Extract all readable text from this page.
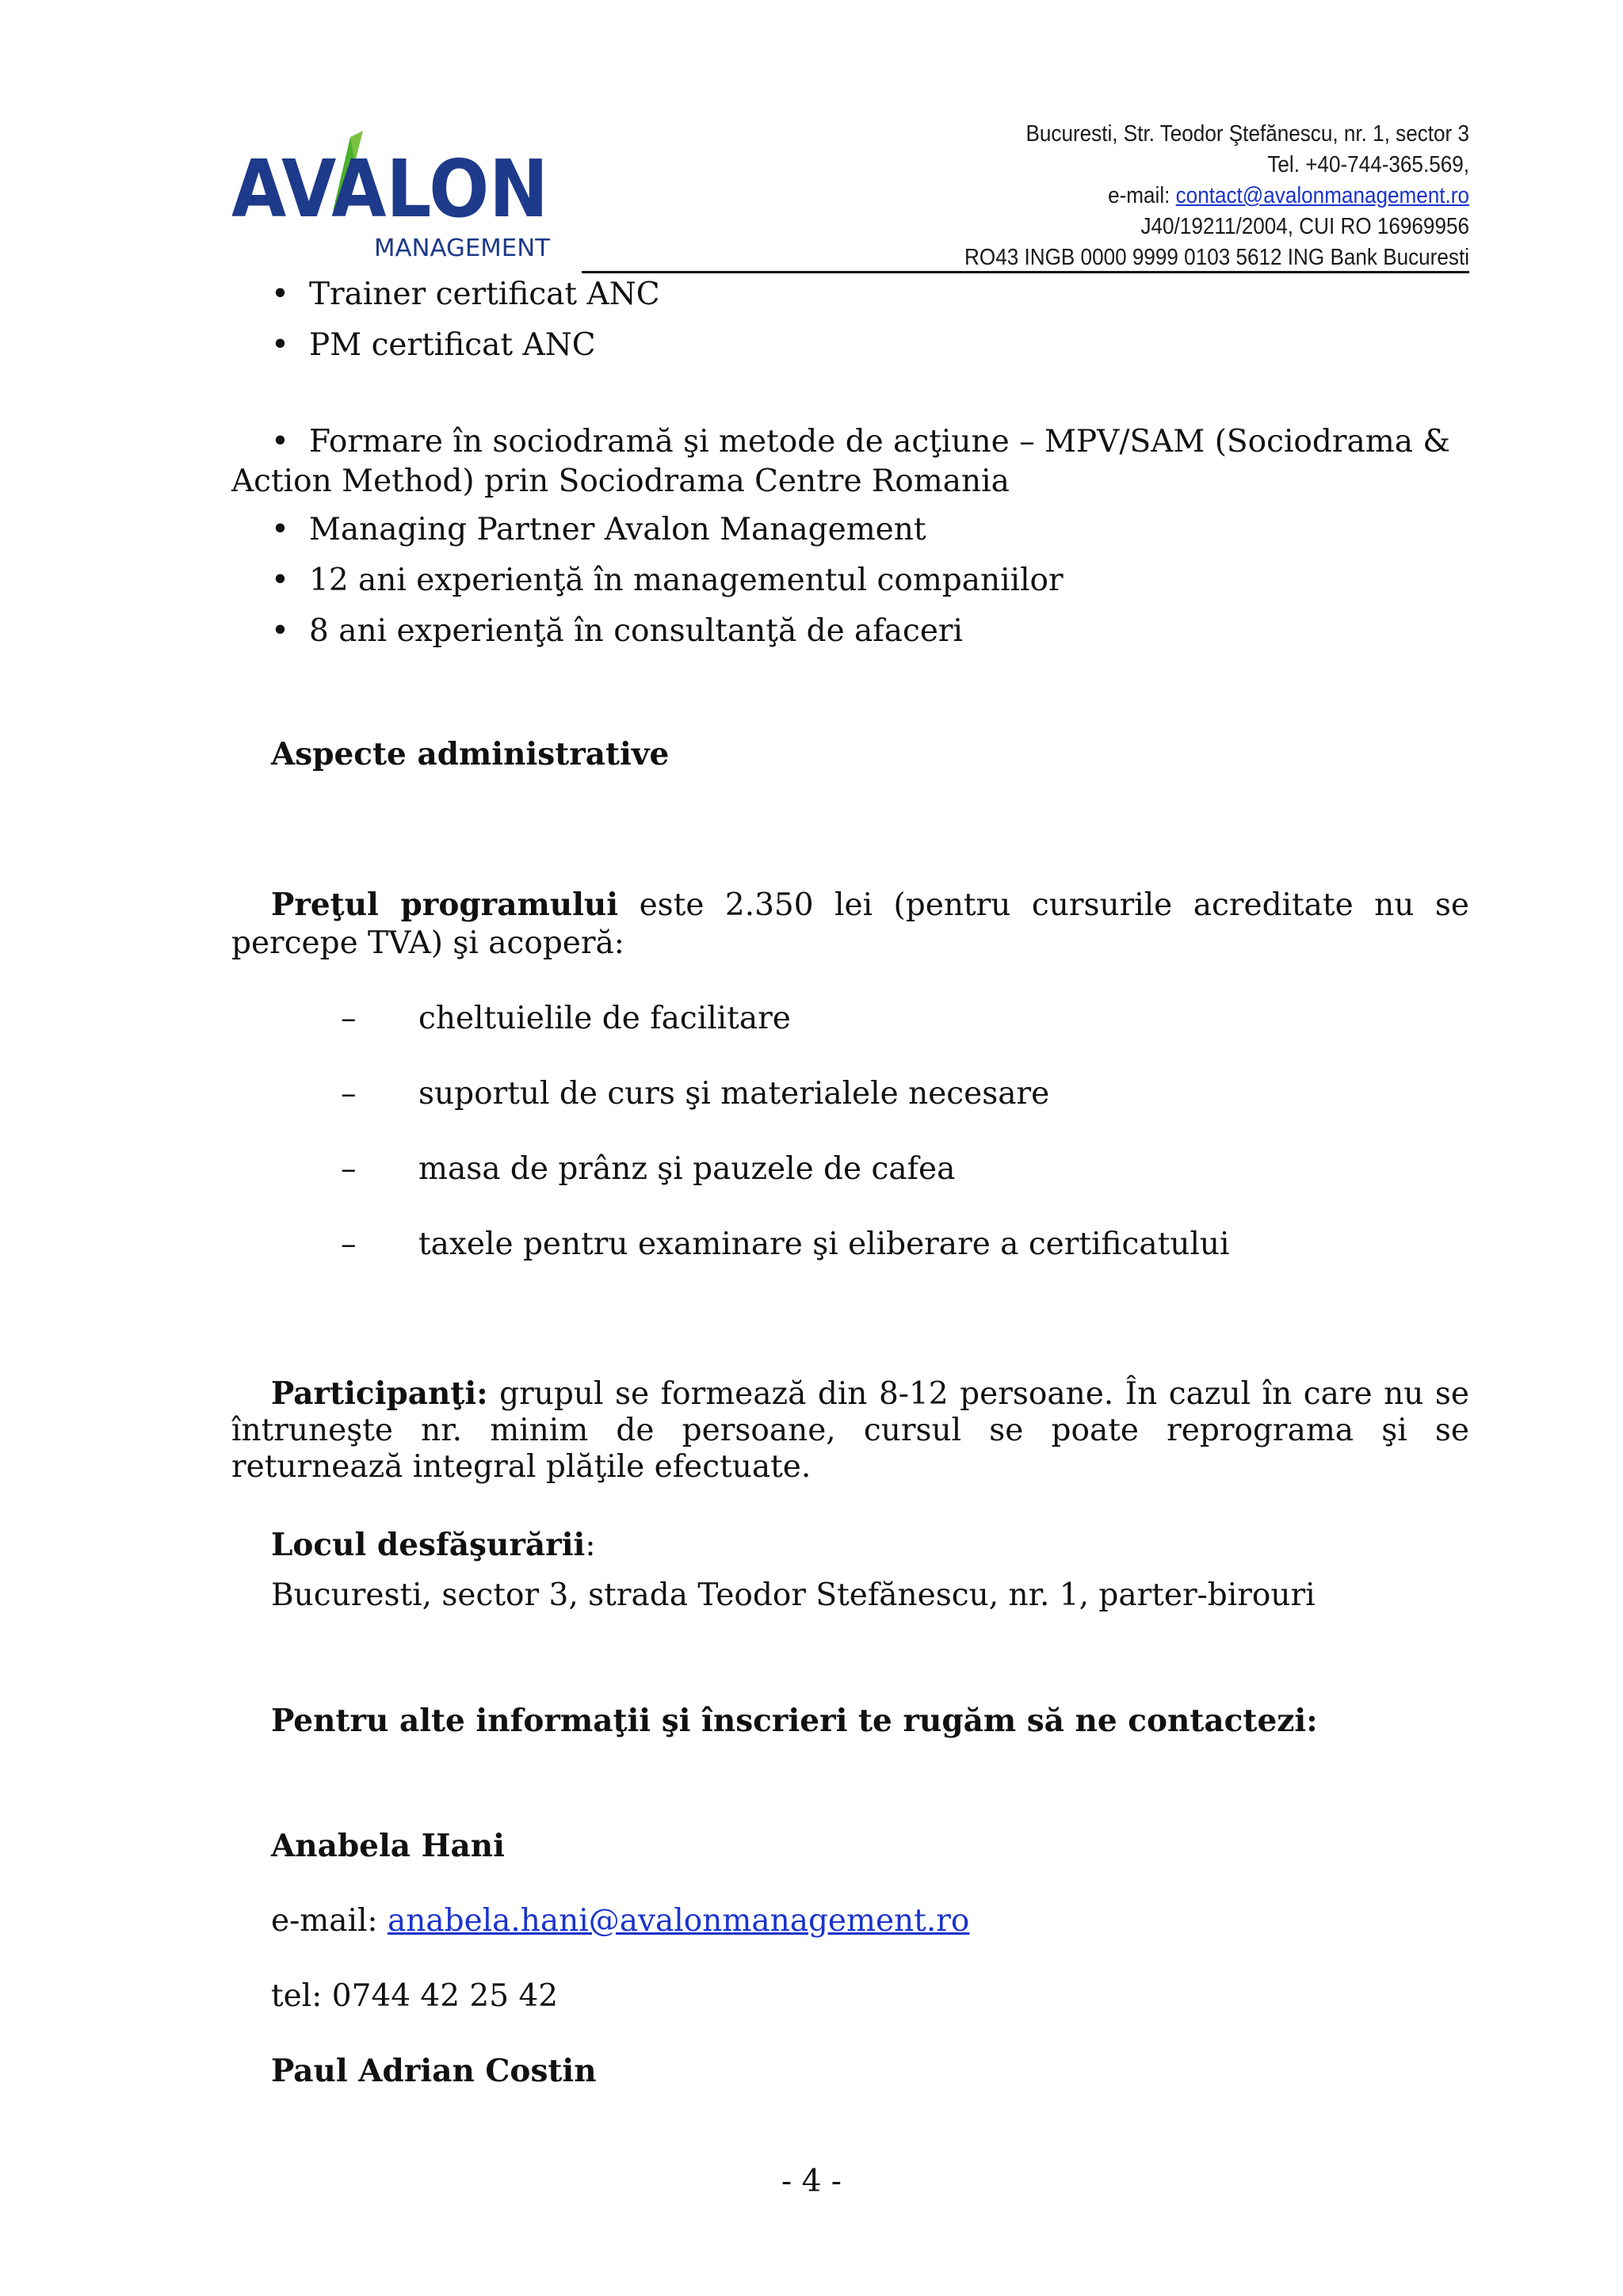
AVALON
MANAGEMENT
Bucuresti, Str. Teodor Ştefănescu, nr. 1, sector 3
Tel. +40-744-365.569,
e-mail: contact@avalonmanagement.ro
J40/19211/2004, CUI RO 16969956
RO43 INGB 0000 9999 0103 5612 ING Bank Bucuresti
• Trainer certificat ANC
• PM certificat ANC
• Formare în sociodramă şi metode de acţiune – MPV/SAM (Sociodrama &
Action Method) prin Sociodrama Centre Romania
• Managing Partner Avalon Management
• 12 ani experienţă în managementul companiilor
• 8 ani experienţă în consultanţă de afaceri
Aspecte administrative
Preţul programului este 2.350 lei (pentru cursurile acreditate nu se percepe TVA) şi acoperă:
–	cheltuielile de facilitare
–	suportul de curs şi materialele necesare
–	masa de prânz şi pauzele de cafea
–	taxele pentru examinare şi eliberare a certificatului
Participanţi: grupul se formează din 8-12 persoane. În cazul în care nu se întruneşte nr. minim de persoane, cursul se poate reprograma şi se returnează integral plăţile efectuate.
Locul desfăşurării:
Bucuresti, sector 3, strada Teodor Stefănescu, nr. 1, parter-birouri
Pentru alte informaţii şi înscrieri te rugăm să ne contactezi:
Anabela Hani
e-mail: anabela.hani@avalonmanagement.ro
tel: 0744 42 25 42
Paul Adrian Costin
- 4 -
